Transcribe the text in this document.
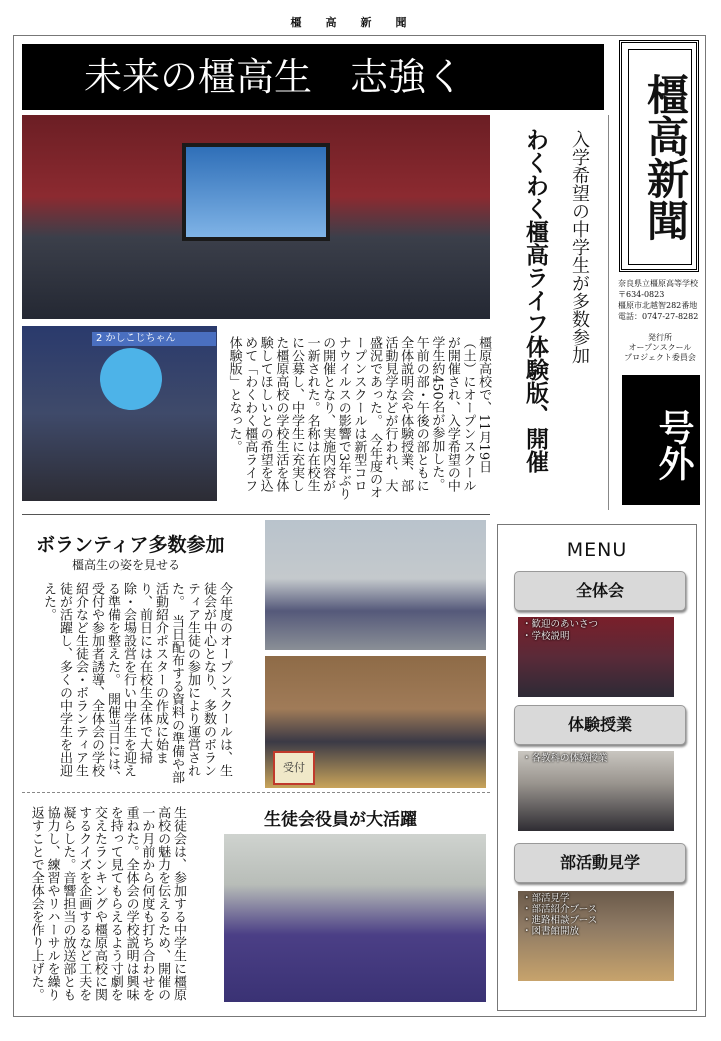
橿高新聞
未来の橿高生　志強く	橿高新聞
奈良県立橿原高等学校
〒634-0823
橿原市北越智282番地
電話：0747-27-8282
発行所
オープンスクール
プロジェクト委員会
号外
2 かしこじちゃん	入学希望の中学生が多数参加
わくわく橿高ライフ体験版、開催
橿原高校で、11月19日（土）にオープンスクールが開催され、入学希望の中学生約450名が参加した。午前の部・午後の部ともに全体説明会や体験授業、部活動見学などが行われ、大盛況であった。　今年度のオープンスクールは新型コロナウイルスの影響で3年ぶりの開催となり、実施内容が一新された。名称は在校生に公募し、中学生に充実した橿原高校の学校生活を体験してほしいとの希望を込めて「わくわく橿高ライフ体験版」となった。
ボランティア多数参加
橿高生の姿を見せる
今年度のオープンスクールは、生徒会が中心となり、多数のボランティア生徒の参加により運営された。　当日配布する資料の準備や部活動紹介ポスターの作成に始まり、前日には在校生全体で大掃除・会場設営を行い中学生を迎える準備を整えた。　開催当日には、受付や参加者誘導、全体会の学校紹介など生徒会・ボランティア生徒が活躍し、多くの中学生を出迎えた。
受付
生徒会役員が大活躍
生徒会は、参加する中学生に橿原高校の魅力を伝えるため、開催の一か月前から何度も打ち合わせを重ねた。全体会の学校説明は興味を持って見てもらえるよう寸劇を交えたランキングや橿原高校に関するクイズを企画するなど工夫を凝らした。音響担当の放送部とも協力し、練習やリハーサルを繰り返すことで全体会を作り上げた。
MENU
全体会
・歓迎のあいさつ
・学校説明
体験授業
・各教科の体験授業
部活動見学
・部活見学
・部活紹介ブース
・進路相談ブース
・図書館開放
